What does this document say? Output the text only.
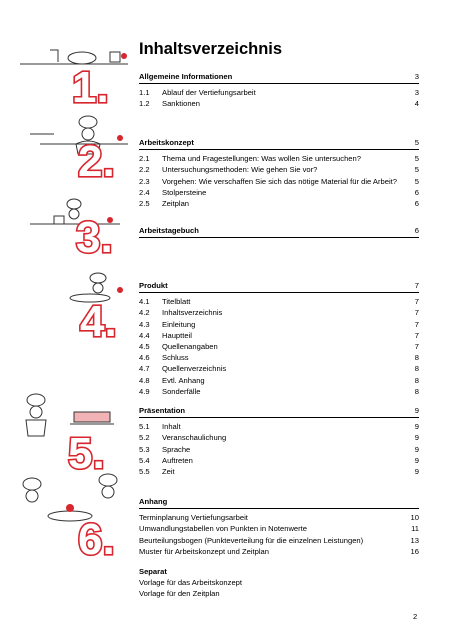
Inhaltsverzeichnis
1.
2.
3.
4.
5.
6.
Allgemeine Informationen	3
1.1	Ablauf der Vertiefungsarbeit	3
1.2	Sanktionen	4
Arbeitskonzept	5
2.1	Thema und Fragestellungen: Was wollen Sie untersuchen?	5
2.2	Untersuchungsmethoden: Wie gehen Sie vor?	5
2.3	Vorgehen: Wie verschaffen Sie sich das nötige Material für die Arbeit?	5
2.4	Stolpersteine	6
2.5	Zeitplan	6
Arbeitstagebuch	6
Produkt	7
4.1	Titelblatt	7
4.2	Inhaltsverzeichnis	7
4.3	Einleitung	7
4.4	Hauptteil	7
4.5	Quellenangaben	7
4.6	Schluss	8
4.7	Quellenverzeichnis	8
4.8	Evtl. Anhang	8
4.9	Sonderfälle	8
Präsentation	9
5.1	Inhalt	9
5.2	Veranschaulichung	9
5.3	Sprache	9
5.4	Auftreten	9
5.5	Zeit	9
Anhang
Terminplanung Vertiefungsarbeit	10
Umwandlungstabellen von Punkten in Notenwerte	11
Beurteilungsbogen (Punkteverteilung für die einzelnen Leistungen)	13
Muster für Arbeitskonzept und Zeitplan	16
Separat
Vorlage für das Arbeitskonzept
Vorlage für den Zeitplan
2
